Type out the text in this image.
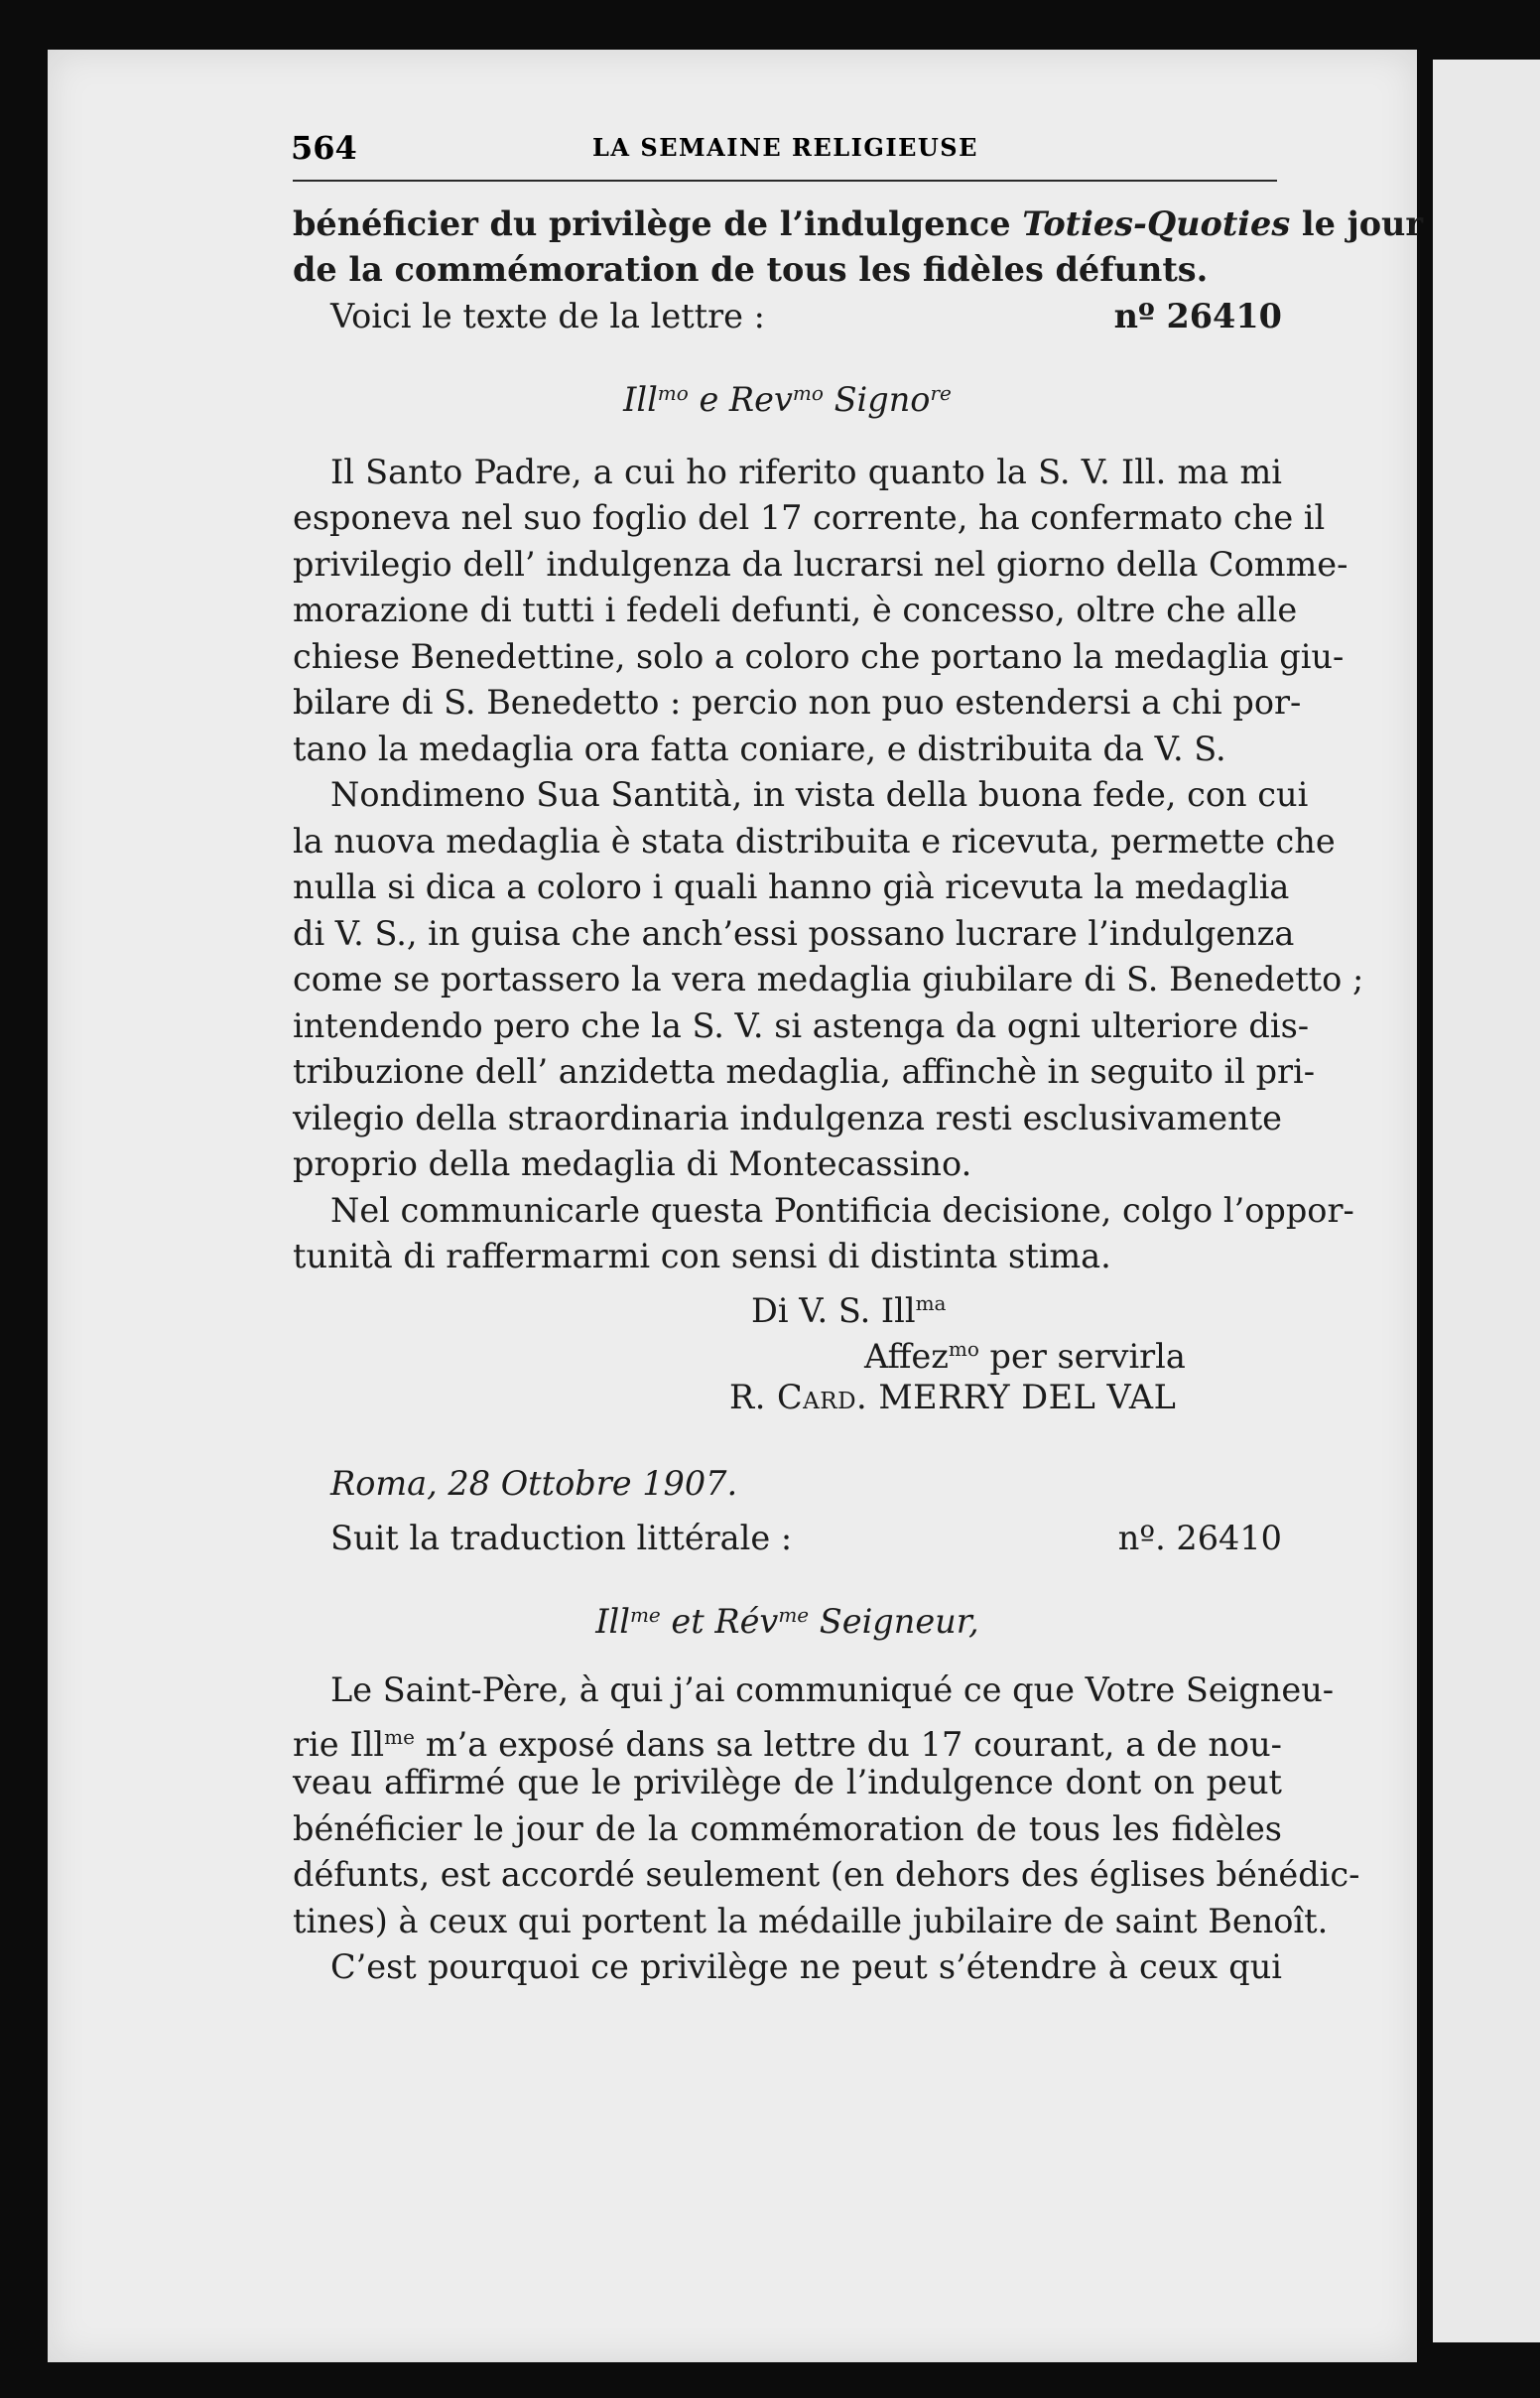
564	LA SEMAINE RELIGIEUSE
bénéficier du privilège de l’indulgence Toties-Quoties le jour
de la commémoration de tous les fidèles défunts.
Voici le texte de la lettre :	nº 26410
Ill$^{mo}$ e Rev$^{mo}$ Signo$^{re}$
Il Santo Padre, a cui ho riferito quanto la S. V. Ill. ma mi
esponeva nel suo foglio del 17 corrente, ha confermato che il
privilegio dell’ indulgenza da lucrarsi nel giorno della Comme-
morazione di tutti i fedeli defunti, è concesso, oltre che alle
chiese Benedettine, solo a coloro che portano la medaglia giu-
bilare di S. Benedetto : percio non puo estendersi a chi por-
tano la medaglia ora fatta coniare, e distribuita da V. S.
Nondimeno Sua Santità, in vista della buona fede, con cui
la nuova medaglia è stata distribuita e ricevuta, permette che
nulla si dica a coloro i quali hanno già ricevuta la medaglia
di V. S., in guisa che anch’essi possano lucrare l’indulgenza
come se portassero la vera medaglia giubilare di S. Benedetto ;
intendendo pero che la S. V. si astenga da ogni ulteriore dis-
tribuzione dell’ anzidetta medaglia, affinchè in seguito il pri-
vilegio della straordinaria indulgenza resti esclusivamente
proprio della medaglia di Montecassino.
Nel communicarle questa Pontificia decisione, colgo l’oppor-
tunità di raffermarmi con sensi di distinta stima.
Di V. S. Ill$^{ma}$
Affez$^{mo}$ per servirla
R. Card. MERRY DEL VAL
Roma, 28 Ottobre 1907.
Suit la traduction littérale :	nº. 26410
Ill$^{me}$ et Rév$^{me}$ Seigneur,
Le Saint-Père, à qui j’ai communiqué ce que Votre Seigneu-
rie Ill$^{me}$ m’a exposé dans sa lettre du 17 courant, a de nou-
veau affirmé que le privilège de l’indulgence dont on peut
bénéficier le jour de la commémoration de tous les fidèles
défunts, est accordé seulement (en dehors des églises bénédic-
tines) à ceux qui portent la médaille jubilaire de saint Benoît.
C’est pourquoi ce privilège ne peut s’étendre à ceux qui
